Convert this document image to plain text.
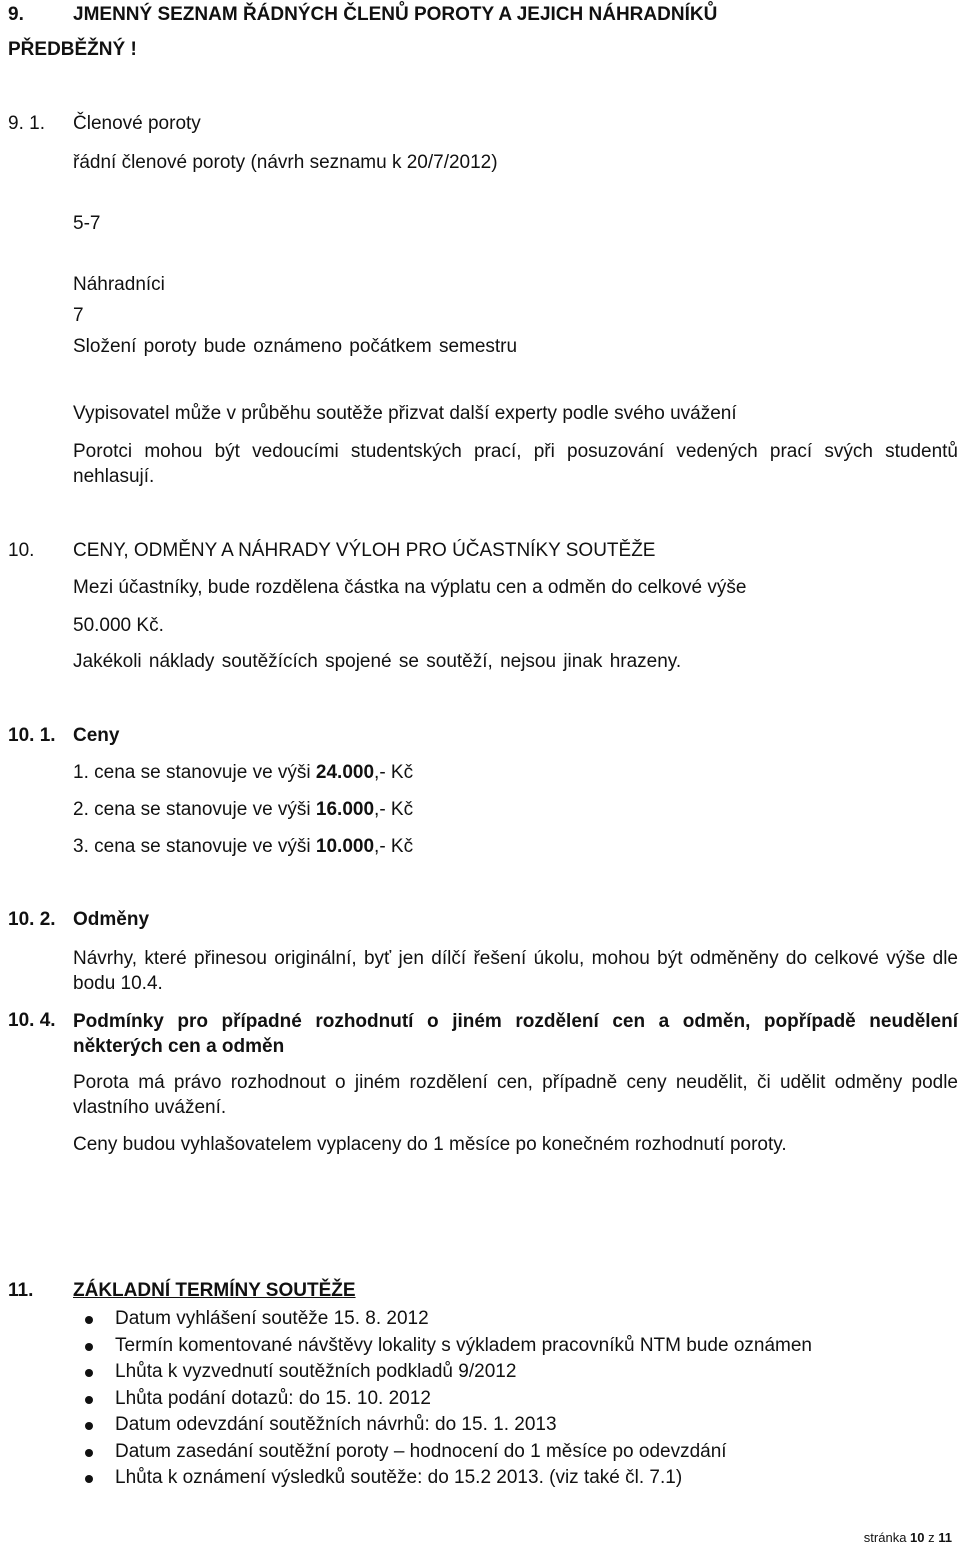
9.	JMENNÝ SEZNAM ŘÁDNÝCH ČLENŮ POROTY A JEJICH NÁHRADNÍKŮ
PŘEDBĚŽNÝ !
9. 1. Členové poroty
řádní členové poroty (návrh seznamu k 20/7/2012)
5-7
Náhradníci
7
Složení poroty bude oznámeno počátkem semestru
Vypisovatel může v průběhu soutěže přizvat další experty podle svého uvážení
Porotci mohou být vedoucími studentských prací, při posuzování vedených prací svých studentů nehlasují.
10. CENY, ODMĚNY A NÁHRADY VÝLOH PRO ÚČASTNÍKY SOUTĚŽE
Mezi účastníky, bude rozdělena částka na výplatu cen a odměn do celkové výše
50.000 Kč.
Jakékoli náklady soutěžících spojené se soutěží, nejsou jinak hrazeny.
10. 1. Ceny
1. cena se stanovuje ve výši 24.000,- Kč
2. cena se stanovuje ve výši 16.000,- Kč
3. cena se stanovuje ve výši 10.000,- Kč
10. 2. Odměny
Návrhy, které přinesou originální, byť jen dílčí řešení úkolu, mohou být odměněny do celkové výše dle bodu 10.4.
10. 4. Podmínky pro případné rozhodnutí o jiném rozdělení cen a odměn, popřípadě neudělení některých cen a odměn
Porota má právo rozhodnout o jiném rozdělení cen, případně ceny neudělit, či udělit odměny podle vlastního uvážení.
Ceny budou vyhlašovatelem vyplaceny do 1 měsíce po konečném rozhodnutí poroty.
11. ZÁKLADNÍ TERMÍNY SOUTĚŽE
Datum vyhlášení soutěže 15. 8. 2012
Termín komentované návštěvy lokality s výkladem pracovníků NTM bude oznámen
Lhůta k vyzvednutí soutěžních podkladů 9/2012
Lhůta podání dotazů: do 15. 10. 2012
Datum odevzdání soutěžních návrhů: do 15. 1. 2013
Datum zasedání soutěžní poroty – hodnocení do 1 měsíce po odevzdání
Lhůta k oznámení výsledků soutěže: do 15.2 2013. (viz také čl. 7.1)
stránka 10 z 11
